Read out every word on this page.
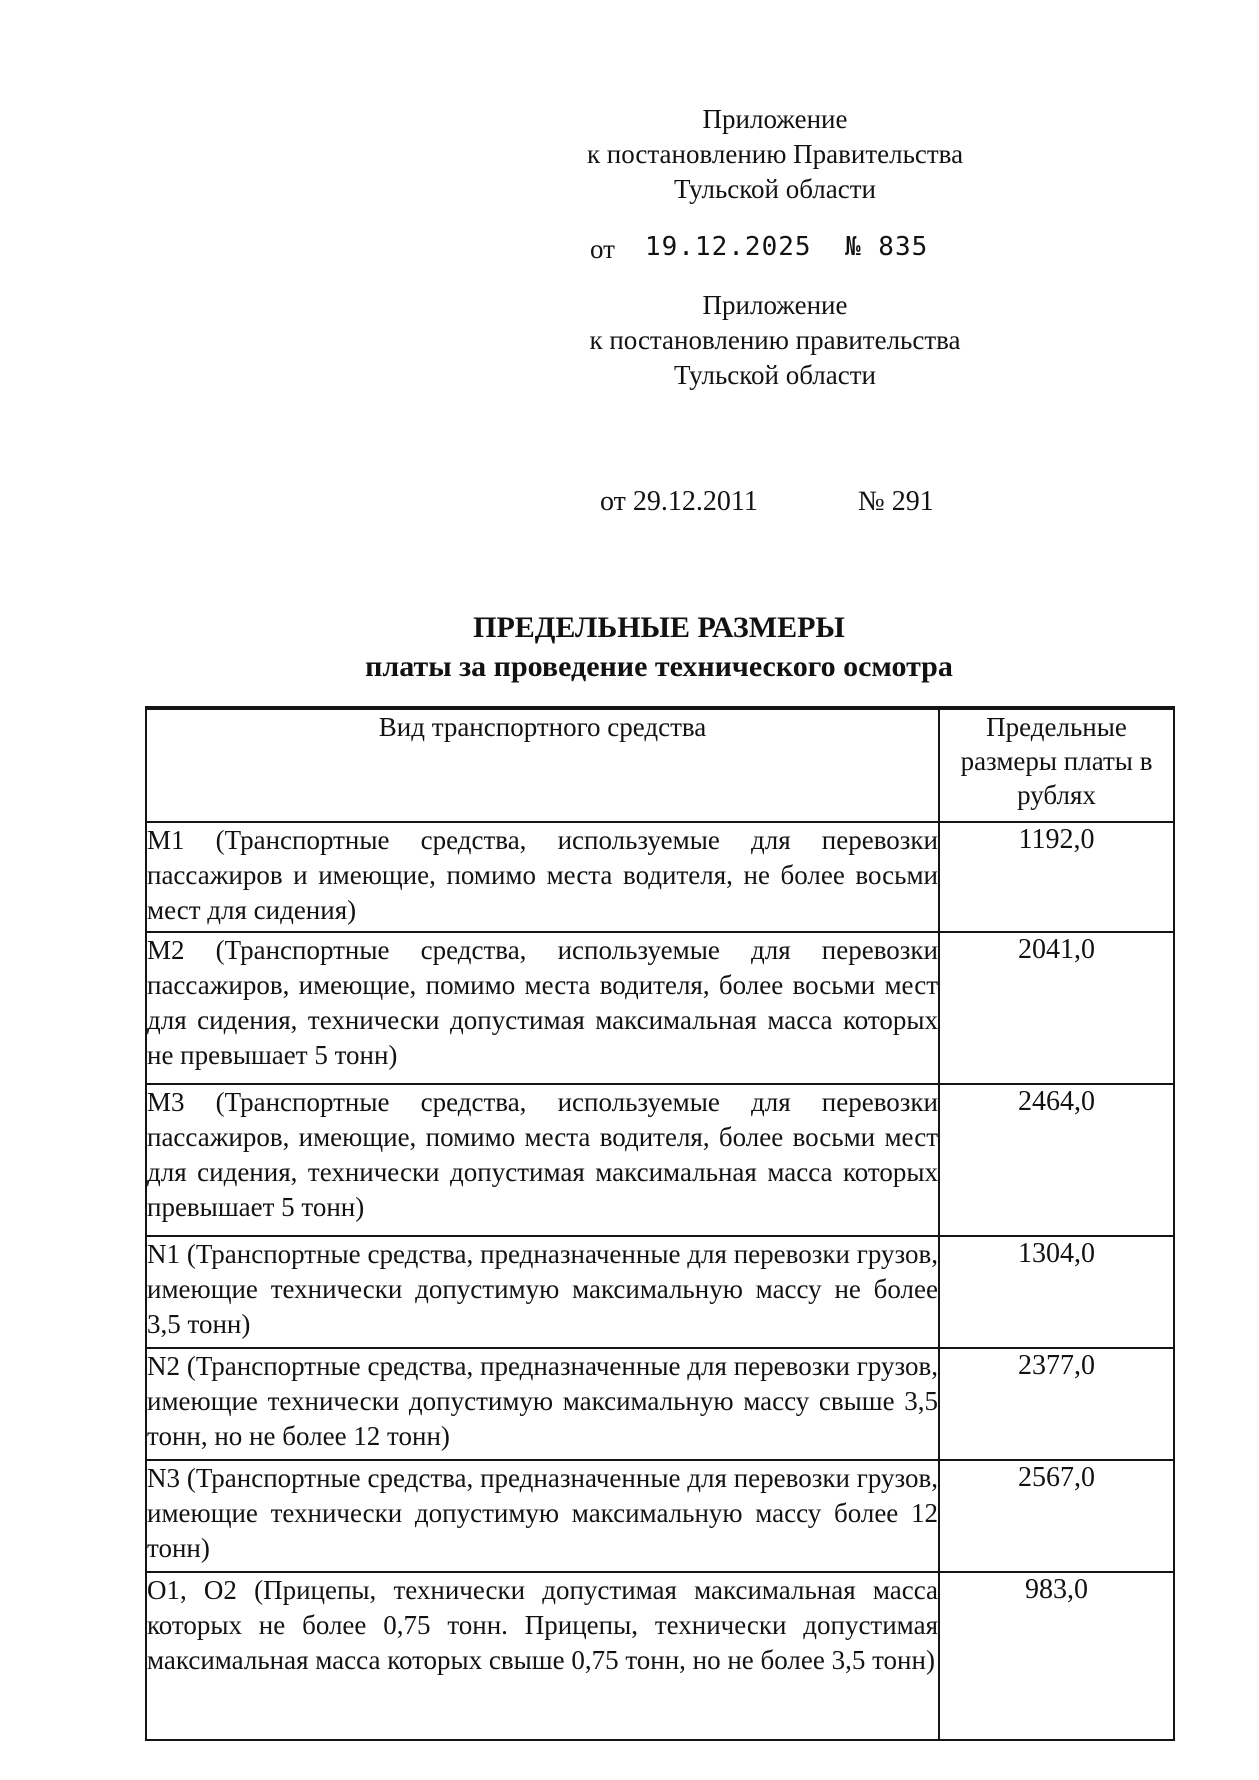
Приложение
к постановлению Правительства
Тульской области
от 19.12.2025 № 835
Приложение
к постановлению правительства
Тульской области
от 29.12.2011	№ 291
ПРЕДЕЛЬНЫЕ РАЗМЕРЫ
платы за проведение технического осмотра
Вид транспортного средства	Предельные размеры платы в рублях

M1 (Транспортные средства, используемые для перевозки пассажиров и имеющие, помимо места водителя, не более восьми мест для сидения)	1192,0
M2 (Транспортные средства, используемые для перевозки пассажиров, имеющие, помимо места водителя, более восьми мест для сидения, технически допустимая максимальная масса которых не превышает 5 тонн)	2041,0
M3 (Транспортные средства, используемые для перевозки пассажиров, имеющие, помимо места водителя, более восьми мест для сидения, технически допустимая максимальная масса которых превышает 5 тонн)	2464,0
N1 (Транспортные средства, предназначенные для перевозки грузов, имеющие технически допустимую максимальную массу не более 3,5 тонн)	1304,0
N2 (Транспортные средства, предназначенные для перевозки грузов, имеющие технически допустимую максимальную массу свыше 3,5 тонн, но не более 12 тонн)	2377,0
N3 (Транспортные средства, предназначенные для перевозки грузов, имеющие технически допустимую максимальную массу более 12 тонн)	2567,0
O1, O2 (Прицепы, технически допустимая максимальная масса которых не более 0,75 тонн. Прицепы, технически допустимая максимальная масса которых свыше 0,75 тонн, но не более 3,5 тонн)	983,0
